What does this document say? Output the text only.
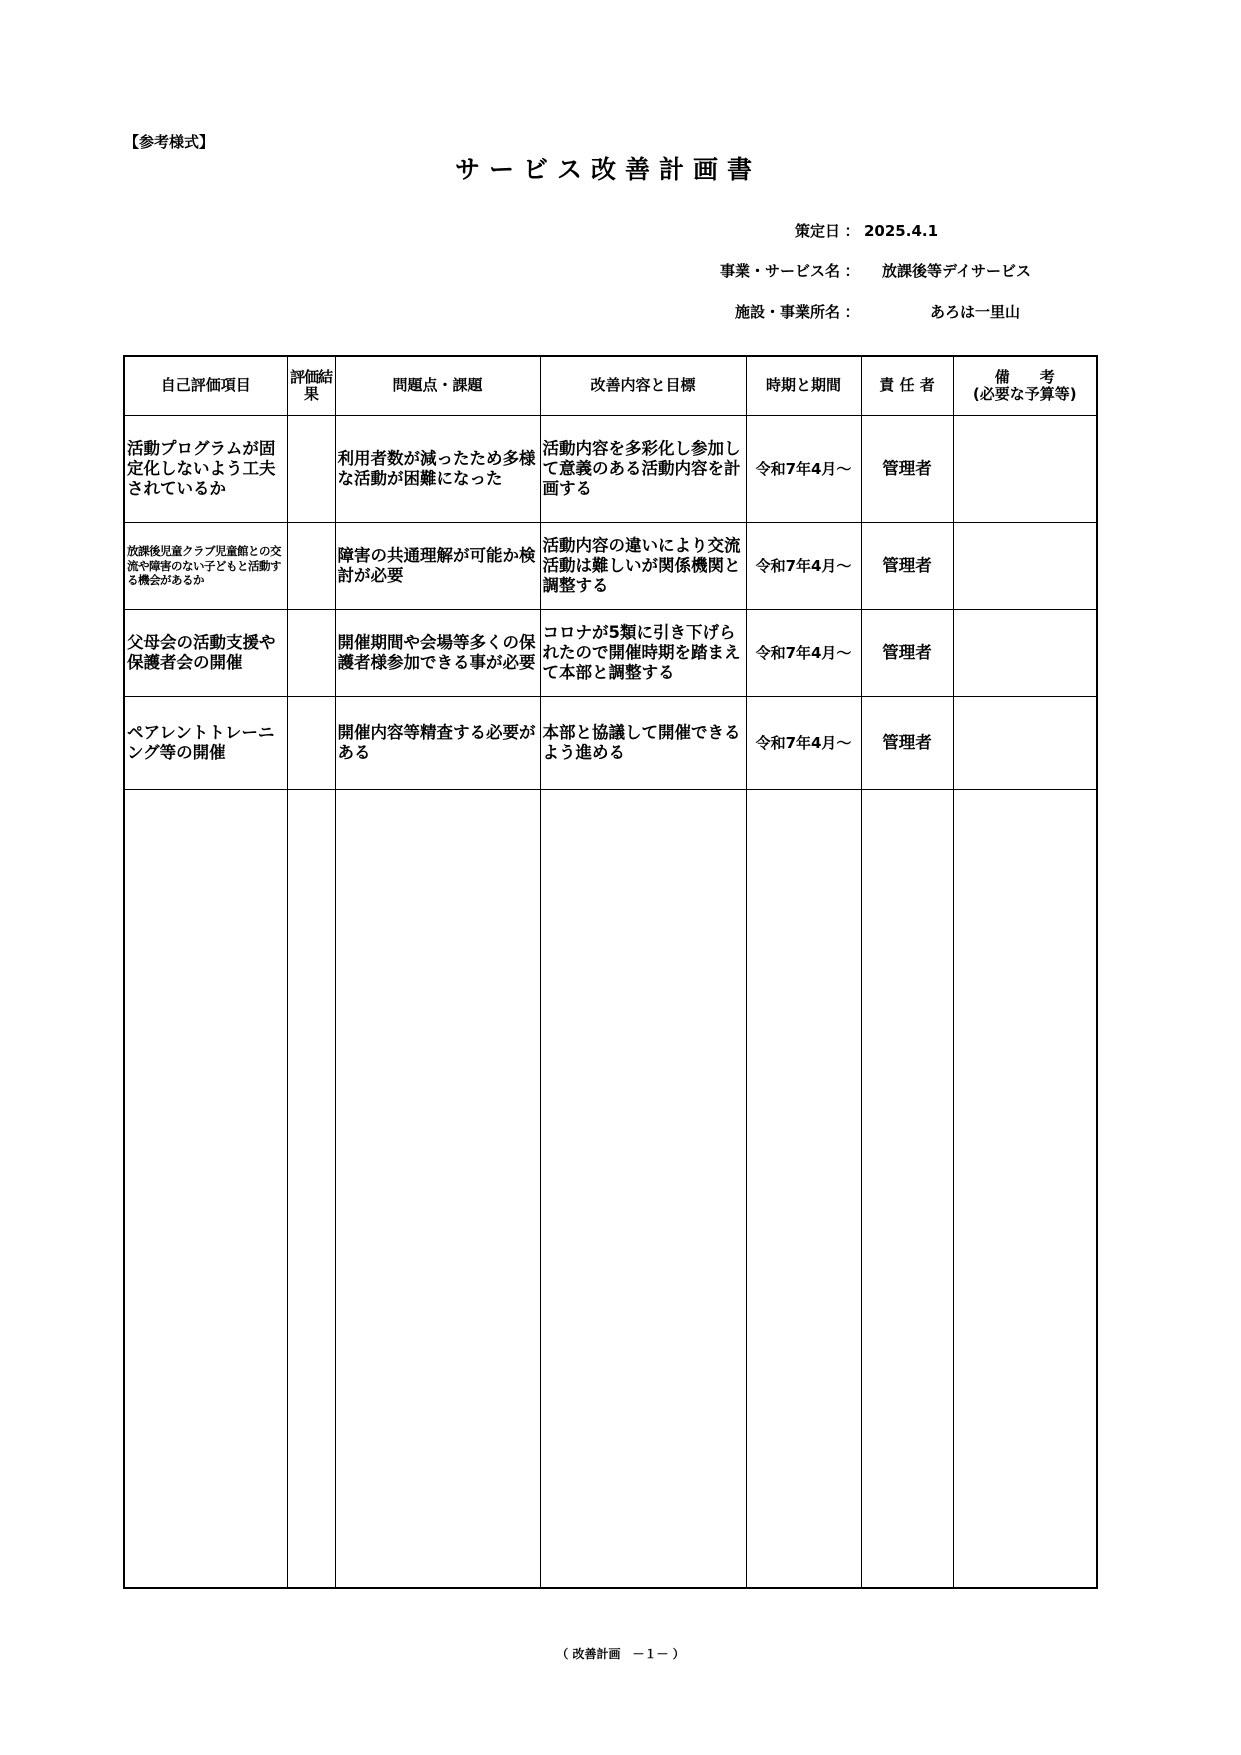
【参考様式】
サービス改善計画書
策定日 ： 2025.4.1
事業・サービス名 ： 放課後等デイサービス
施設・事業所名 ：	あろは一里山
自己評価項目	評価結果	問題点・課題	改善内容と目標	時期と期間	責 任 者	備　　考
(必要な予算等)

活動プログラムが固定化しないよう工夫されているか		利用者数が減ったため多様な活動が困難になった	活動内容を多彩化し参加して意義のある活動内容を計画する	令和7年4月～	管理者	
放課後児童クラブ児童館との交流や障害のない子どもと活動する機会があるか		障害の共通理解が可能か検討が必要	活動内容の違いにより交流活動は難しいが関係機関と調整する	令和7年4月～	管理者	
父母会の活動支援や保護者会の開催		開催期間や会場等多くの保護者様参加できる事が必要	コロナが5類に引き下げられたので開催時期を踏まえて本部と調整する	令和7年4月～	管理者	
ペアレントトレーニング等の開催		開催内容等精査する必要がある	本部と協議して開催できるよう進める	令和7年4月～	管理者	

（ 改善計画　－１－ ）
